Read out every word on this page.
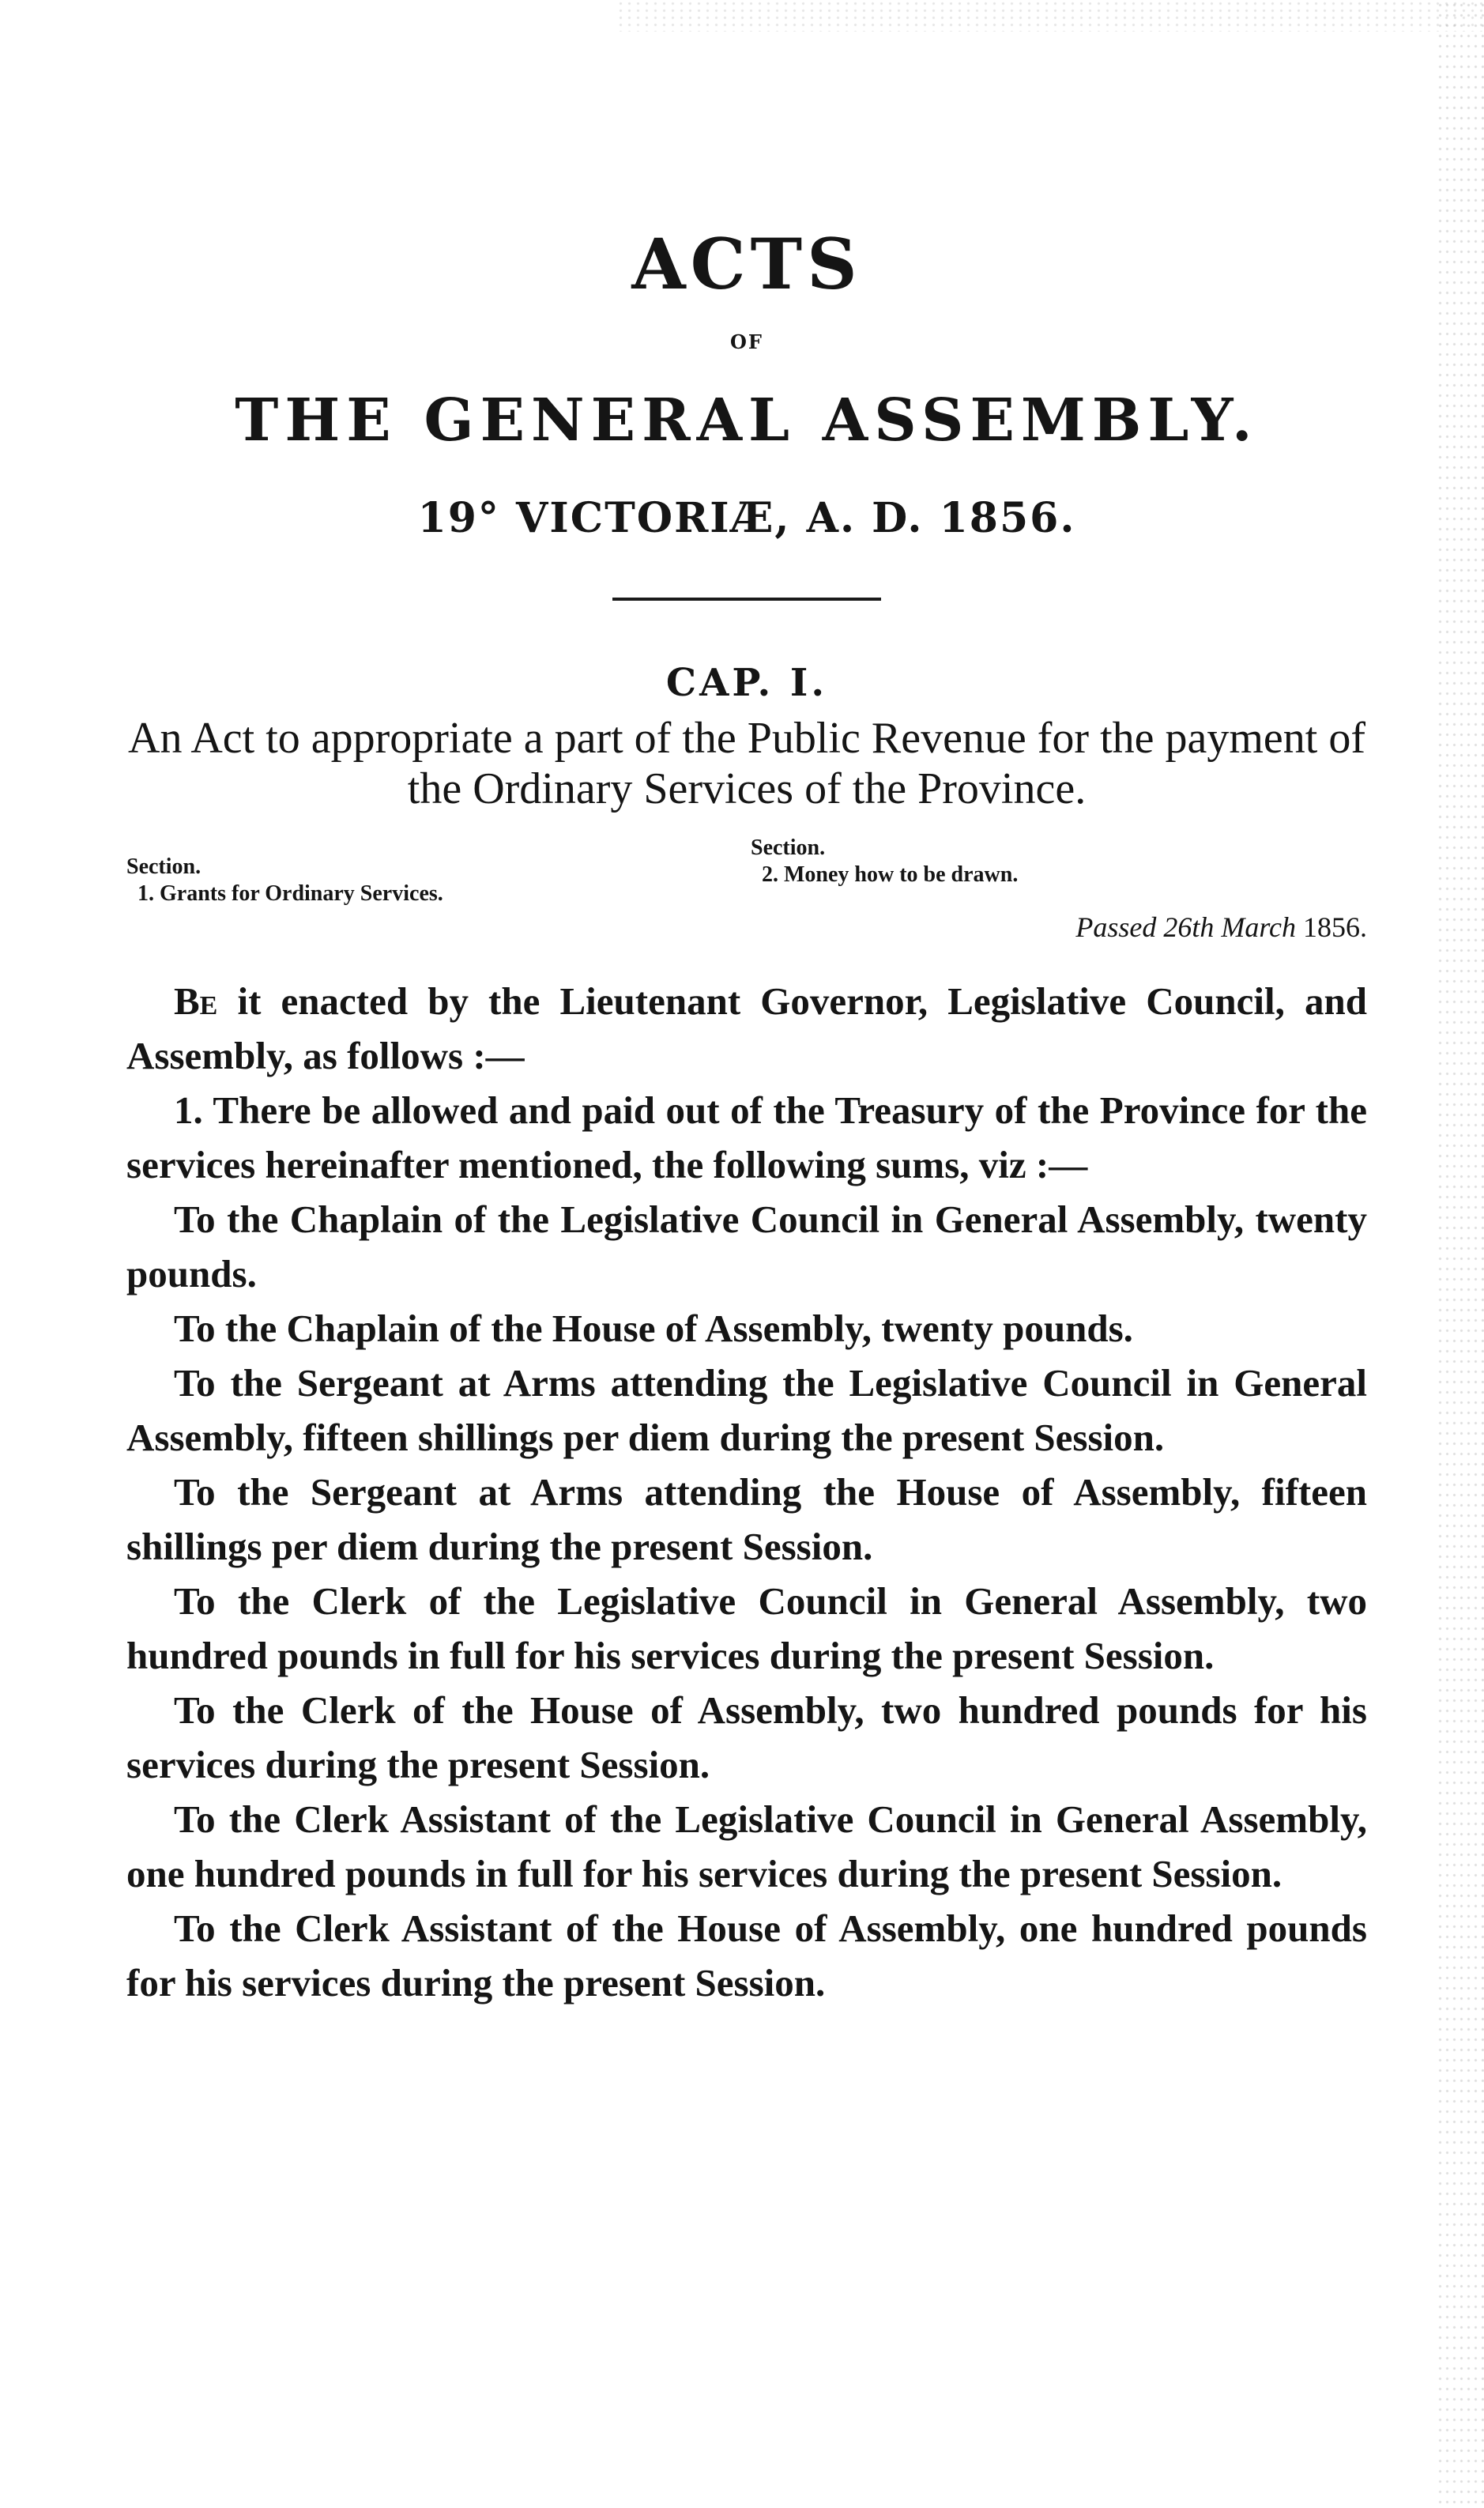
ACTS
OF
THE GENERAL ASSEMBLY.
19° VICTORIÆ, A. D. 1856.
CAP. I.
An Act to appropriate a part of the Public Revenue for the payment of the Ordinary Services of the Province.
Section.
1. Grants for Ordinary Services.
Section.
2. Money how to be drawn.
Passed 26th March 1856.

Be it enacted by the Lieutenant Governor, Legislative Council, and Assembly, as follows :—

1. There be allowed and paid out of the Treasury of the Province for the services hereinafter mentioned, the following sums, viz :—

To the Chaplain of the Legislative Council in General Assembly, twenty pounds.

To the Chaplain of the House of Assembly, twenty pounds.

To the Sergeant at Arms attending the Legislative Council in General Assembly, fifteen shillings per diem during the present Session.

To the Sergeant at Arms attending the House of Assembly, fifteen shillings per diem during the present Session.

To the Clerk of the Legislative Council in General Assembly, two hundred pounds in full for his services during the present Session.

To the Clerk of the House of Assembly, two hundred pounds for his services during the present Session.

To the Clerk Assistant of the Legislative Council in General Assembly, one hundred pounds in full for his services during the present Session.

To the Clerk Assistant of the House of Assembly, one hundred pounds for his services during the present Session.
